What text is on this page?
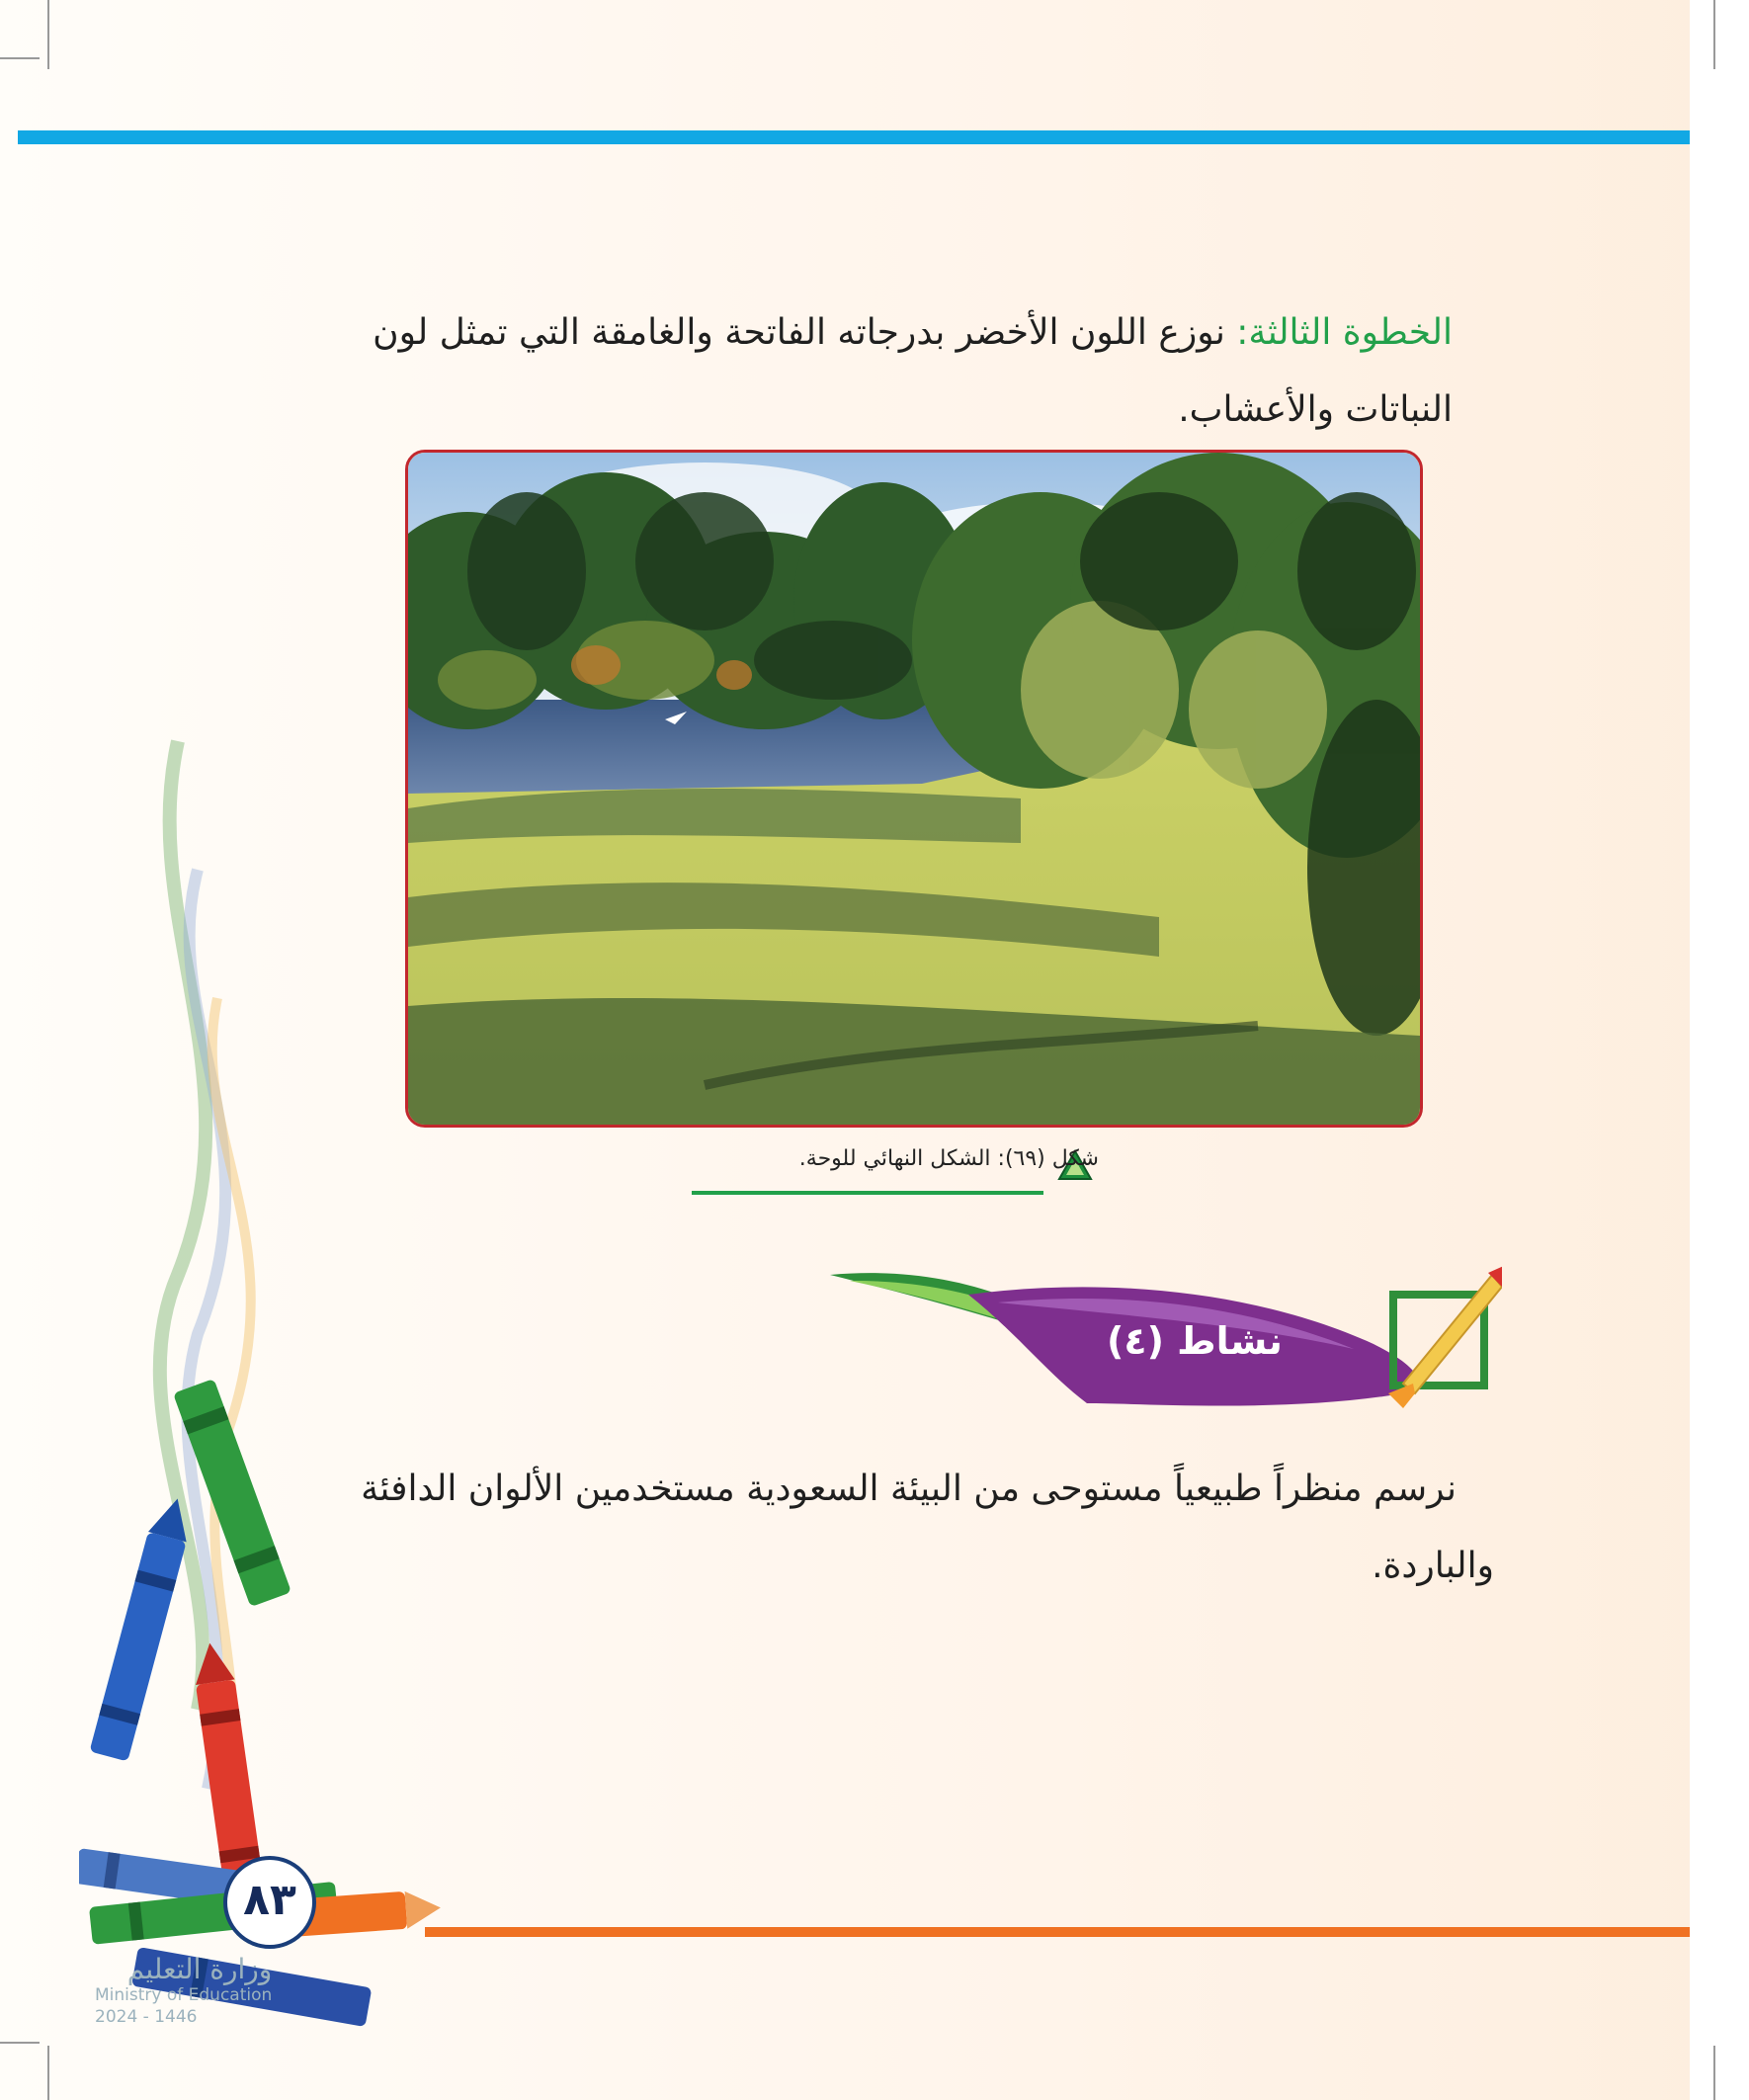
الخطوة الثالثة: نوزع اللون الأخضر بدرجاته الفاتحة والغامقة التي تمثل لون النباتات والأعشاب.

شكل (٦٩): الشكل النهائي للوحة.
نشاط (٤)

نرسم منظراً طبيعياً مستوحى من البيئة السعودية مستخدمين الألوان الدافئة والباردة.

٨٣
وزارة التعليم
Ministry of Education
2024 - 1446
